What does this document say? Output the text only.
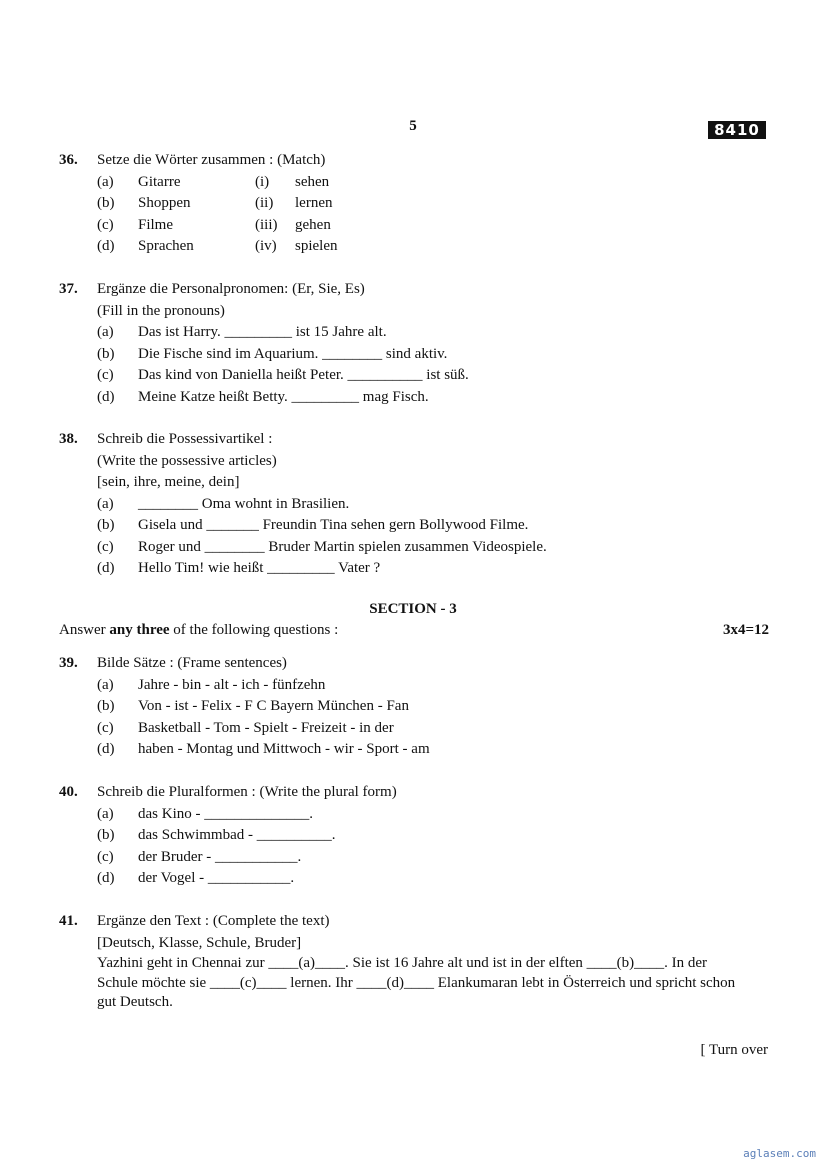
5	8410
36. Setze die Wörter zusammen : (Match)
(a) Gitarre	(i) sehen
(b) Shoppen	(ii) lernen
(c) Filme	(iii) gehen
(d) Sprachen	(iv) spielen
37. Ergänze die Personalpronomen: (Er, Sie, Es)
(Fill in the pronouns)
(a) Das ist Harry. _________ ist 15 Jahre alt.
(b) Die Fische sind im Aquarium. ________ sind aktiv.
(c) Das kind von Daniella heißt Peter. __________ ist süß.
(d) Meine Katze heißt Betty. _________ mag Fisch.
38. Schreib die Possessivartikel :
(Write the possessive articles)
[sein, ihre, meine, dein]
(a) ________ Oma wohnt in Brasilien.
(b) Gisela und _______ Freundin Tina sehen gern Bollywood Filme.
(c) Roger und ________ Bruder Martin spielen zusammen Videospiele.
(d) Hello Tim! wie heißt _________ Vater ?
SECTION - 3
Answer any three of the following questions :	3x4=12
39. Bilde Sätze : (Frame sentences)
(a) Jahre - bin - alt - ich - fünfzehn
(b) Von - ist - Felix - F C Bayern München - Fan
(c) Basketball - Tom - Spielt - Freizeit - in der
(d) haben - Montag und Mittwoch - wir - Sport - am
40. Schreib die Pluralformen : (Write the plural form)
(a) das Kino - ______________.
(b) das Schwimmbad - __________.
(c) der Bruder - ___________.
(d) der Vogel - ___________.
41. Ergänze den Text : (Complete the text)
[Deutsch, Klasse, Schule, Bruder]
Yazhini geht in Chennai zur ____(a)____. Sie ist 16 Jahre alt und ist in der elften ____(b)____. In der Schule möchte sie ____(c)____ lernen. Ihr ____(d)____ Elankumaran lebt in Österreich und spricht schon gut Deutsch.
[ Turn over
aglasem.com
